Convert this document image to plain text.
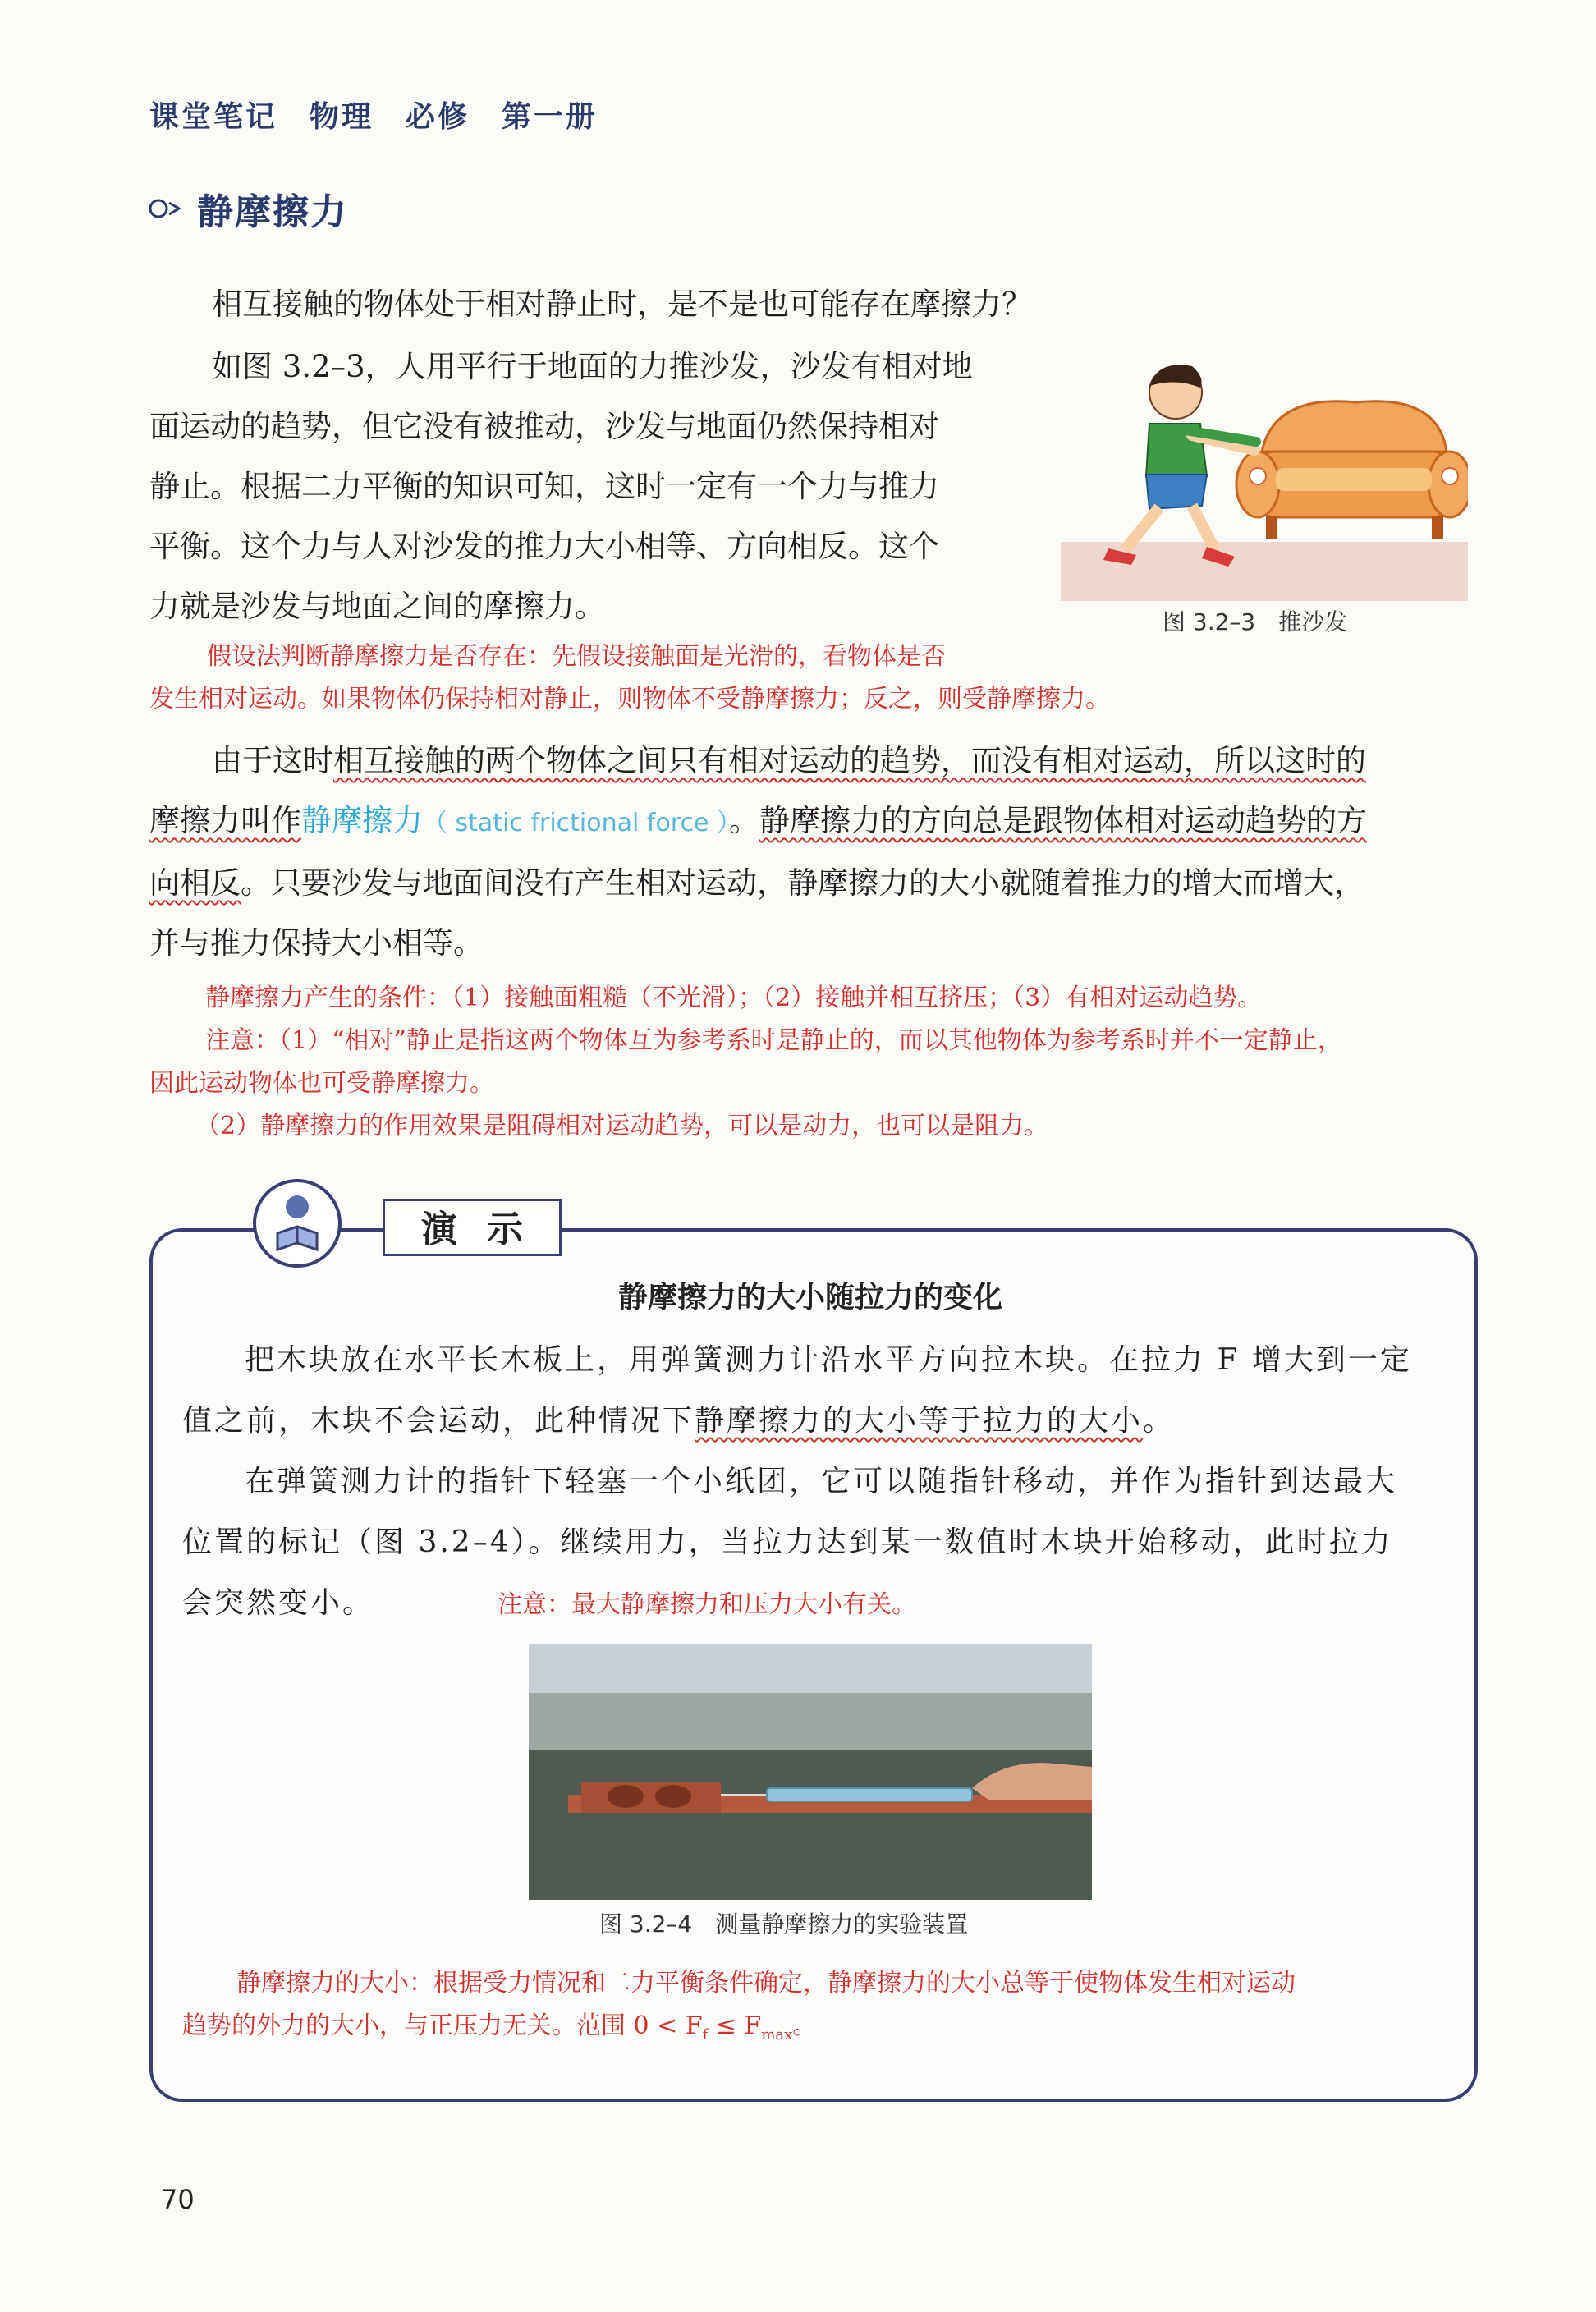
课堂笔记　物理　必修　第一册
静摩擦力
相互接触的物体处于相对静止时，是不是也可能存在摩擦力？
如图 3.2–3，人用平行于地面的力推沙发，沙发有相对地
面运动的趋势，但它没有被推动，沙发与地面仍然保持相对
静止。根据二力平衡的知识可知，这时一定有一个力与推力
平衡。这个力与人对沙发的推力大小相等、方向相反。这个
力就是沙发与地面之间的摩擦力。	图 3.2–3　推沙发
假设法判断静摩擦力是否存在：先假设接触面是光滑的，看物体是否
发生相对运动。如果物体仍保持相对静止，则物体不受静摩擦力；反之，则受静摩擦力。
由于这时相互接触的两个物体之间只有相对运动的趋势，而没有相对运动，所以这时的
摩擦力叫作静摩擦力（ static frictional force ）。静摩擦力的方向总是跟物体相对运动趋势的方
向相反。只要沙发与地面间没有产生相对运动，静摩擦力的大小就随着推力的增大而增大，
并与推力保持大小相等。
静摩擦力产生的条件：（1）接触面粗糙（不光滑）；（2）接触并相互挤压；（3）有相对运动趋势。
注意：（1）“相对”静止是指这两个物体互为参考系时是静止的，而以其他物体为参考系时并不一定静止，
因此运动物体也可受静摩擦力。
（2）静摩擦力的作用效果是阻碍相对运动趋势，可以是动力，也可以是阻力。
演示
静摩擦力的大小随拉力的变化
把木块放在水平长木板上，用弹簧测力计沿水平方向拉木块。在拉力 F 增大到一定
值之前，木块不会运动，此种情况下静摩擦力的大小等于拉力的大小。
在弹簧测力计的指针下轻塞一个小纸团，它可以随指针移动，并作为指针到达最大
位置的标记（图 3.2–4）。继续用力，当拉力达到某一数值时木块开始移动，此时拉力
会突然变小。	注意：最大静摩擦力和压力大小有关。
图 3.2–4　测量静摩擦力的实验装置
静摩擦力的大小：根据受力情况和二力平衡条件确定，静摩擦力的大小总等于使物体发生相对运动
趋势的外力的大小，与正压力无关。范围 $0 < F_f \le F_{max}$。
70
